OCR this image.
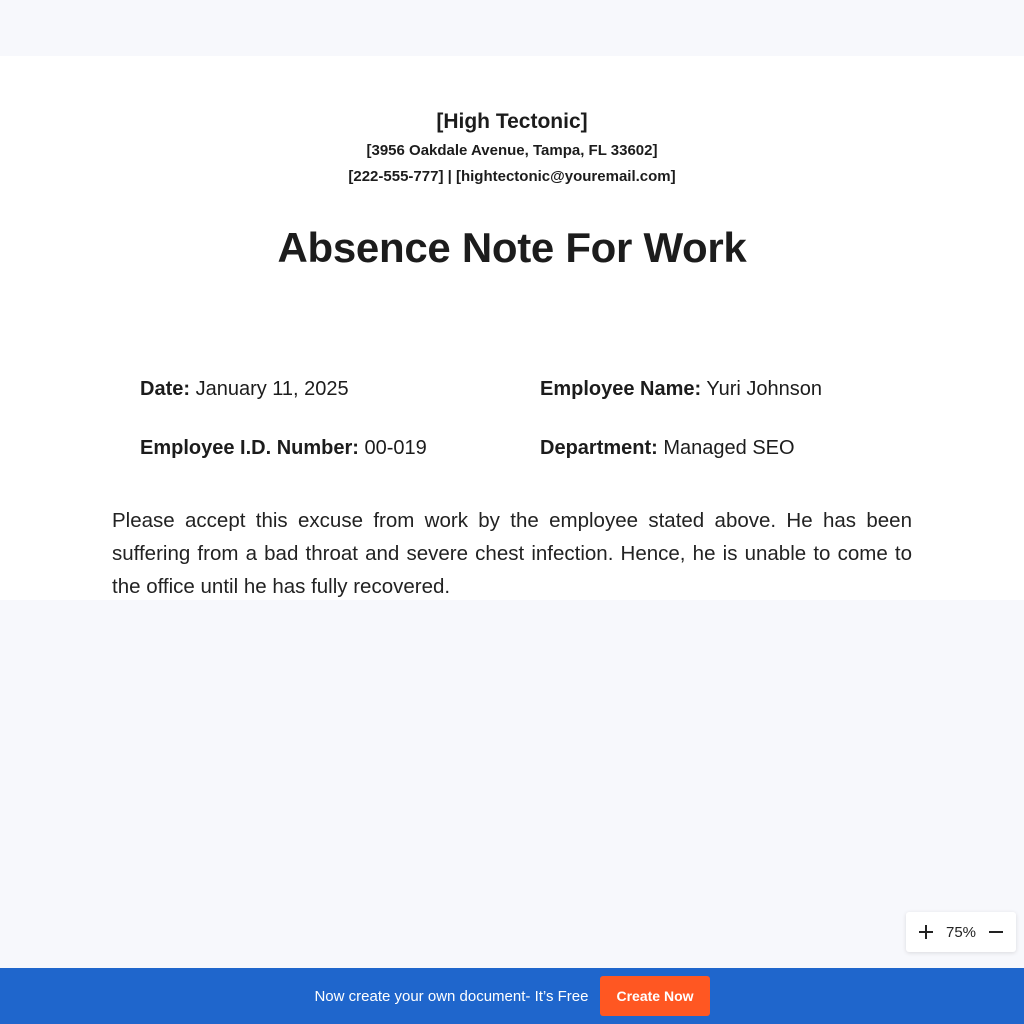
[High Tectonic]
[3956 Oakdale Avenue, Tampa, FL 33602]
[222-555-777] | [hightectonic@youremail.com]
Absence Note For Work
Date: January 11, 2025	Employee Name: Yuri Johnson
Employee I.D. Number: 00-019	Department: Managed SEO
Please accept this excuse from work by the employee stated above. He has been suffering from a bad throat and severe chest infection. Hence, he is unable to come to the office until he has fully recovered.
75%
Now create your own document- It’s Free	Create Now
